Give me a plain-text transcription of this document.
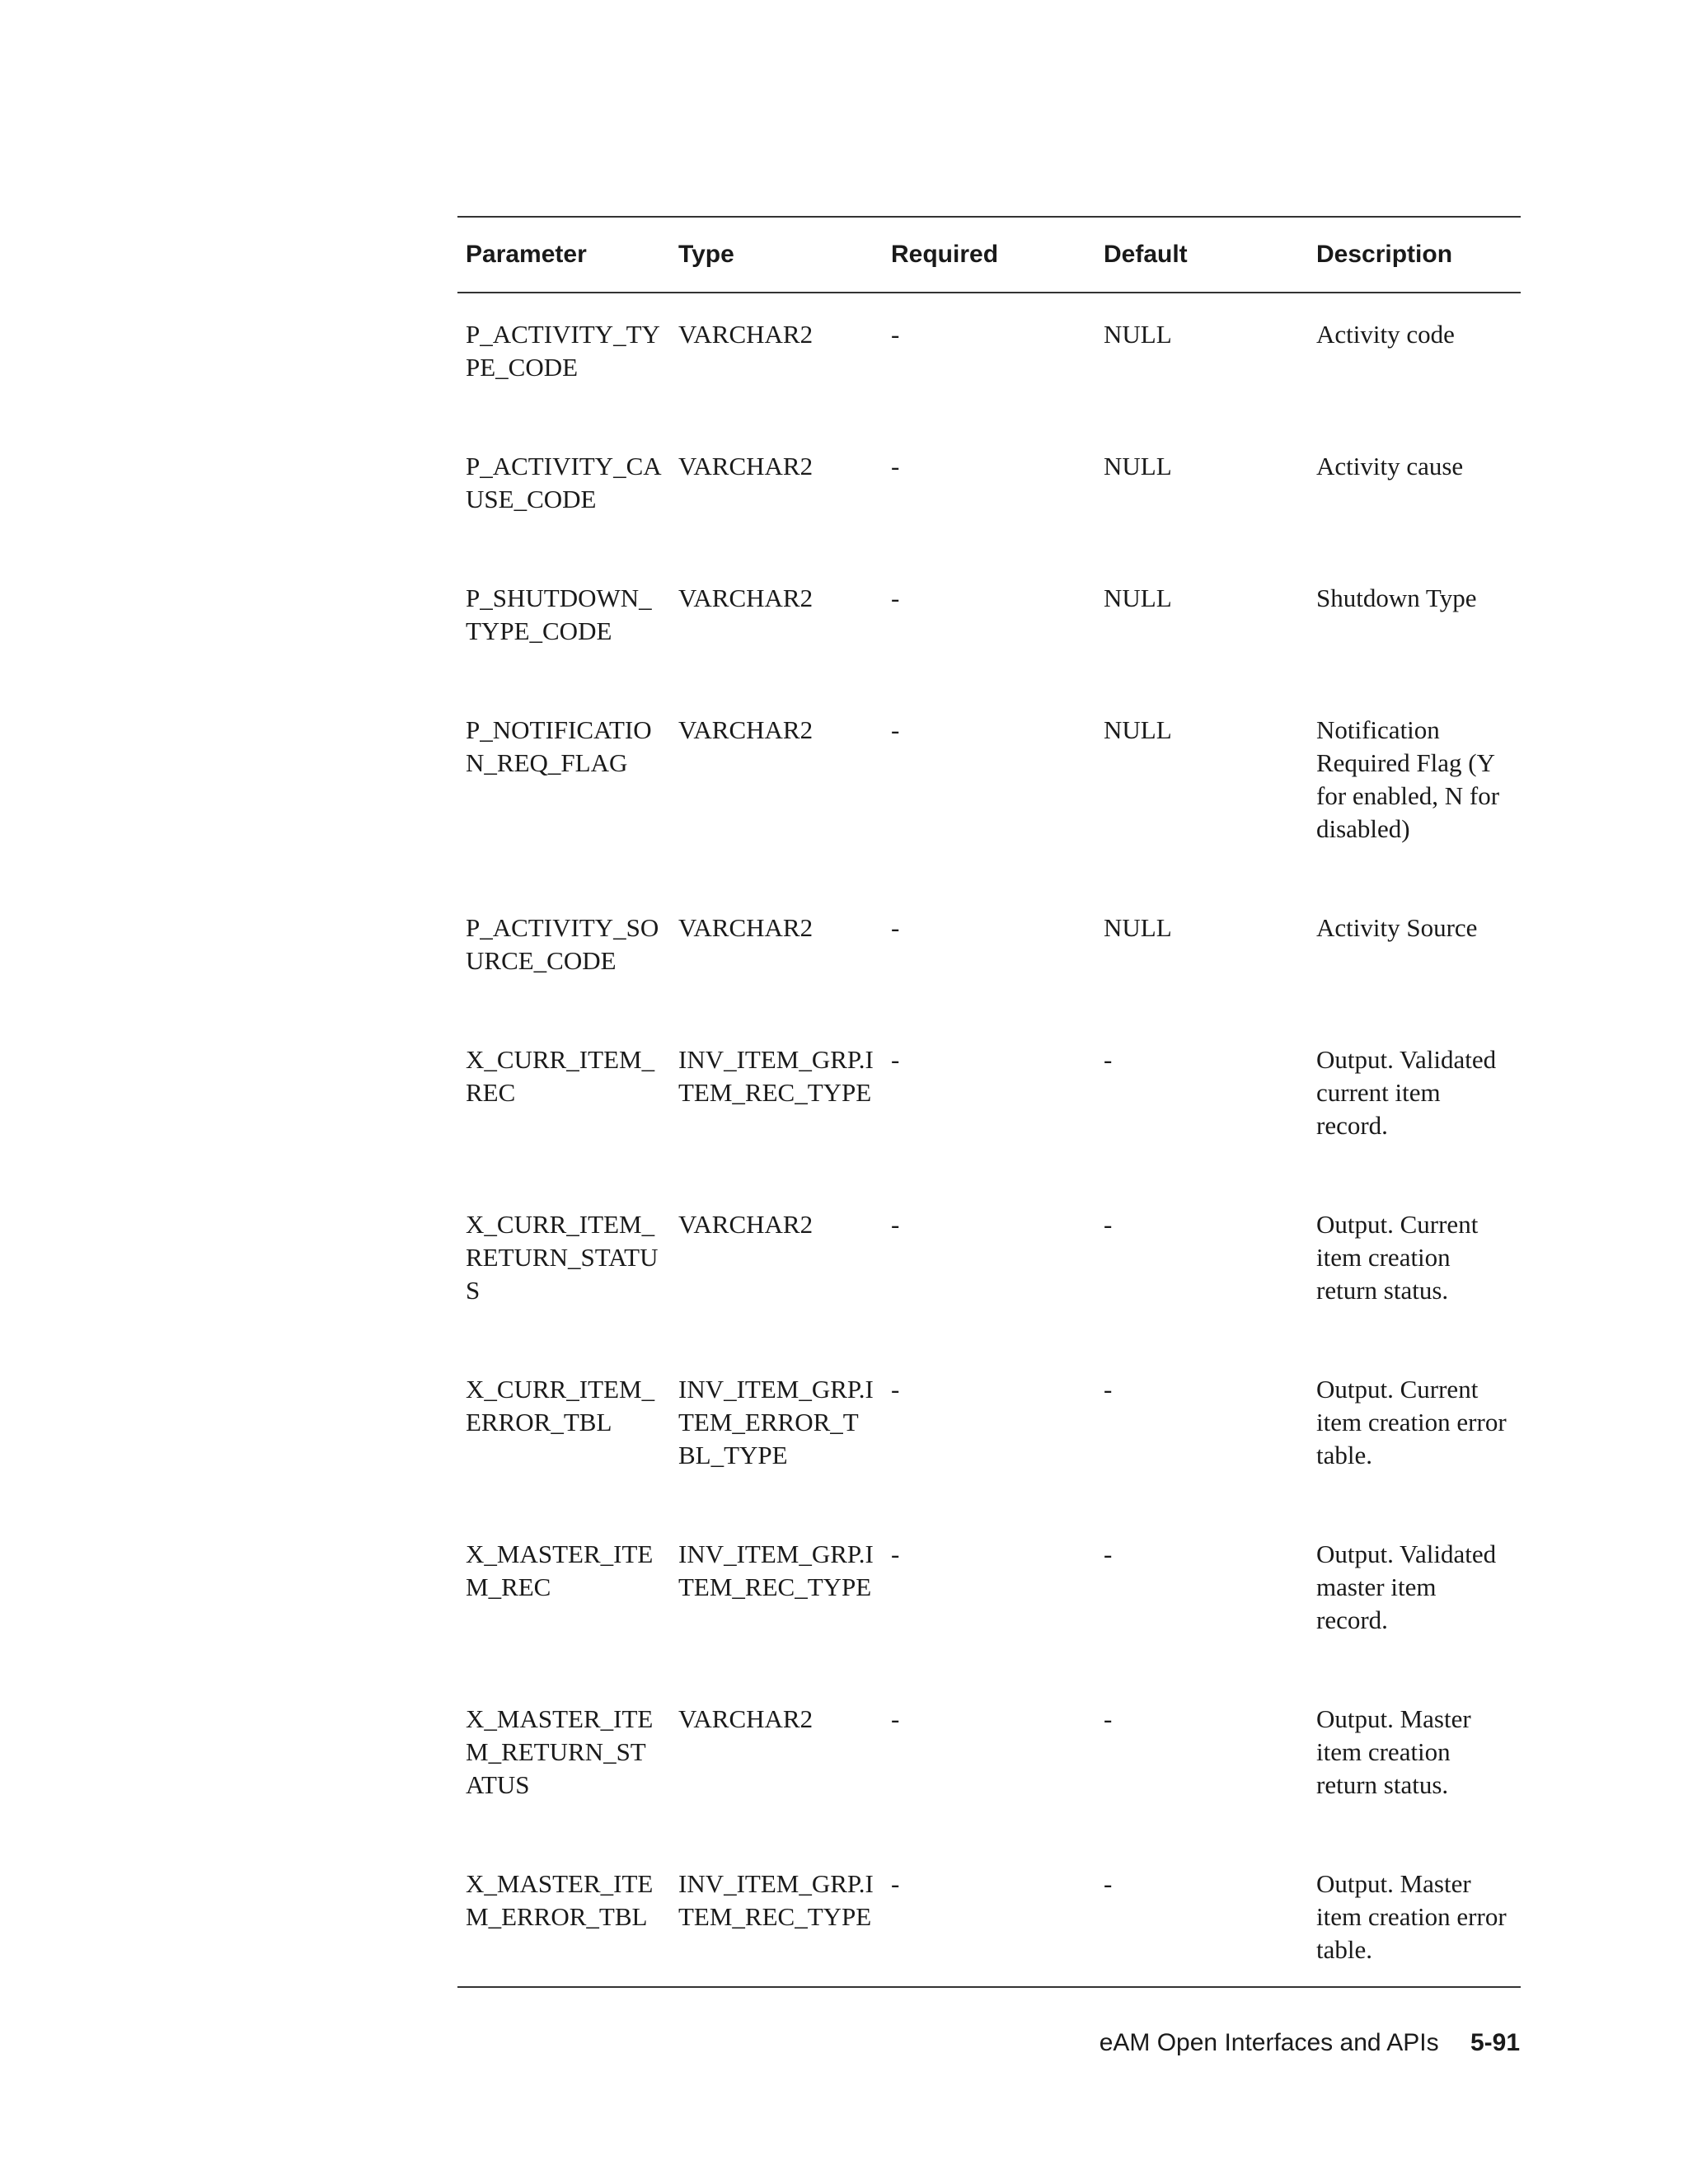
Parameter	Type	Required	Default	Description
P_ACTIVITY_TYPE_CODE	VARCHAR2	-	NULL	Activity code
P_ACTIVITY_CAUSE_CODE	VARCHAR2	-	NULL	Activity cause
P_SHUTDOWN_TYPE_CODE	VARCHAR2	-	NULL	Shutdown Type
P_NOTIFICATION_REQ_FLAG	VARCHAR2	-	NULL	Notification Required Flag (Y for enabled, N for disabled)
P_ACTIVITY_SOURCE_CODE	VARCHAR2	-	NULL	Activity Source
X_CURR_ITEM_REC	INV_ITEM_GRP.ITEM_REC_TYPE	-	-	Output. Validated current item record.
X_CURR_ITEM_RETURN_STATUS	VARCHAR2	-	-	Output. Current item creation return status.
X_CURR_ITEM_ERROR_TBL	INV_ITEM_GRP.ITEM_ERROR_TBL_TYPE	-	-	Output. Current item creation error table.
X_MASTER_ITEM_REC	INV_ITEM_GRP.ITEM_REC_TYPE	-	-	Output. Validated master item record.
X_MASTER_ITEM_RETURN_STATUS	VARCHAR2	-	-	Output. Master item creation return status.
X_MASTER_ITEM_ERROR_TBL	INV_ITEM_GRP.ITEM_REC_TYPE	-	-	Output. Master item creation error table.
eAM Open Interfaces and APIs 5-91
